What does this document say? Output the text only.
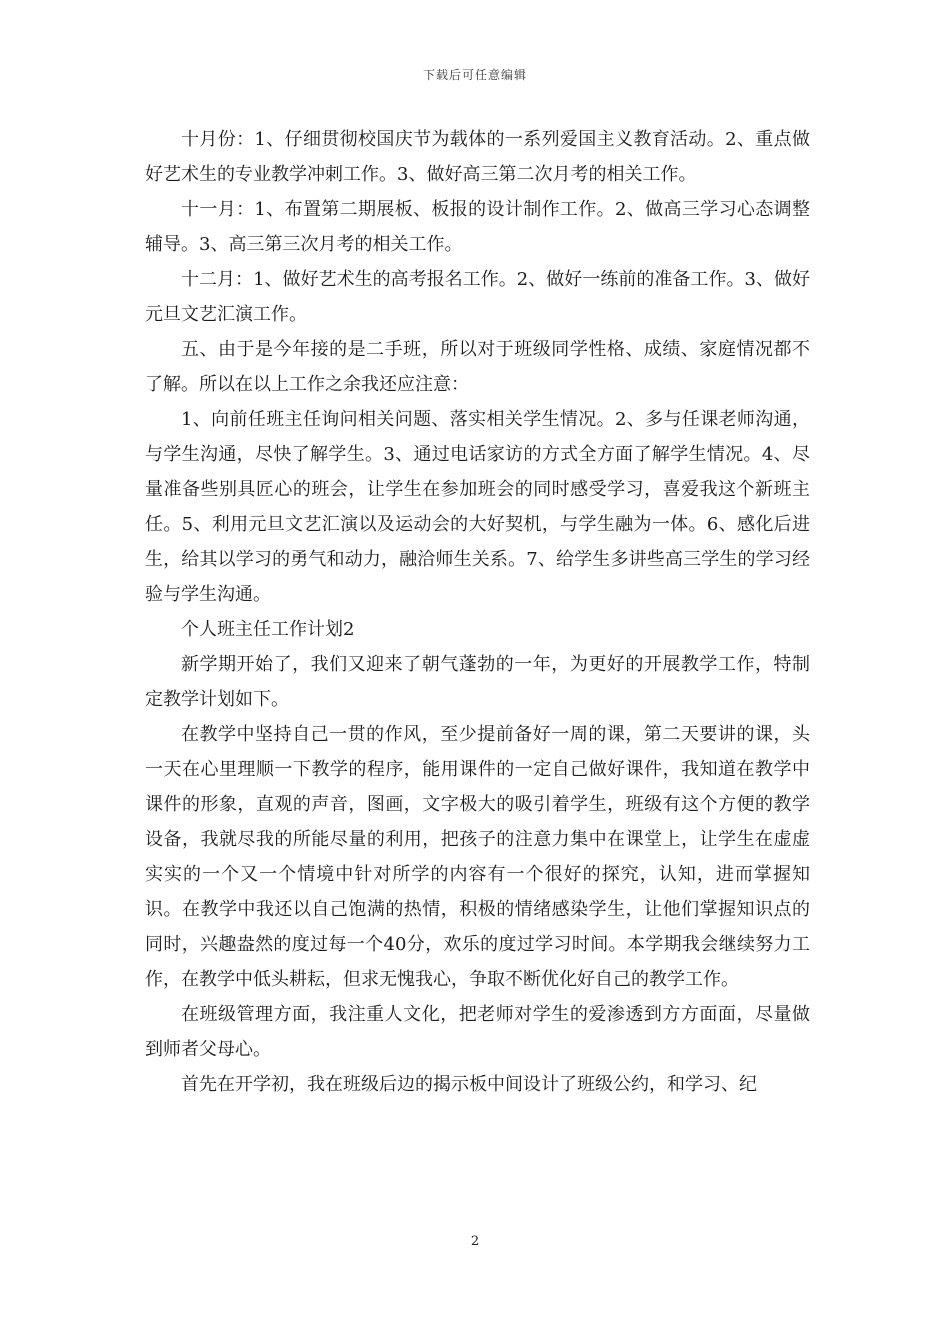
下载后可任意编辑

十月份：1、仔细贯彻校国庆节为载体的一系列爱国主义教育活动。2、重点做好艺术生的专业教学冲刺工作。3、做好高三第二次月考的相关工作。

十一月：1、布置第二期展板、板报的设计制作工作。2、做高三学习心态调整辅导。3、高三第三次月考的相关工作。

十二月：1、做好艺术生的高考报名工作。2、做好一练前的准备工作。3、做好元旦文艺汇演工作。

五、由于是今年接的是二手班，所以对于班级同学性格、成绩、家庭情况都不了解。所以在以上工作之余我还应注意：

1、向前任班主任询问相关问题、落实相关学生情况。2、多与任课老师沟通，与学生沟通，尽快了解学生。3、通过电话家访的方式全方面了解学生情况。4、尽量准备些别具匠心的班会，让学生在参加班会的同时感受学习，喜爱我这个新班主任。5、利用元旦文艺汇演以及运动会的大好契机，与学生融为一体。6、感化后进生，给其以学习的勇气和动力，融洽师生关系。7、给学生多讲些高三学生的学习经验与学生沟通。

个人班主任工作计划2

新学期开始了，我们又迎来了朝气蓬勃的一年，为更好的开展教学工作，特制定教学计划如下。

在教学中坚持自己一贯的作风，至少提前备好一周的课，第二天要讲的课，头一天在心里理顺一下教学的程序，能用课件的一定自己做好课件，我知道在教学中课件的形象，直观的声音，图画，文字极大的吸引着学生，班级有这个方便的教学设备，我就尽我的所能尽量的利用，把孩子的注意力集中在课堂上，让学生在虚虚实实的一个又一个情境中针对所学的内容有一个很好的探究，认知，进而掌握知识。在教学中我还以自己饱满的热情，积极的情绪感染学生，让他们掌握知识点的同时，兴趣盎然的度过每一个40分，欢乐的度过学习时间。本学期我会继续努力工作，在教学中低头耕耘，但求无愧我心，争取不断优化好自己的教学工作。

在班级管理方面，我注重人文化，把老师对学生的爱渗透到方方面面，尽量做到师者父母心。

首先在开学初，我在班级后边的揭示板中间设计了班级公约，和学习、纪

2
